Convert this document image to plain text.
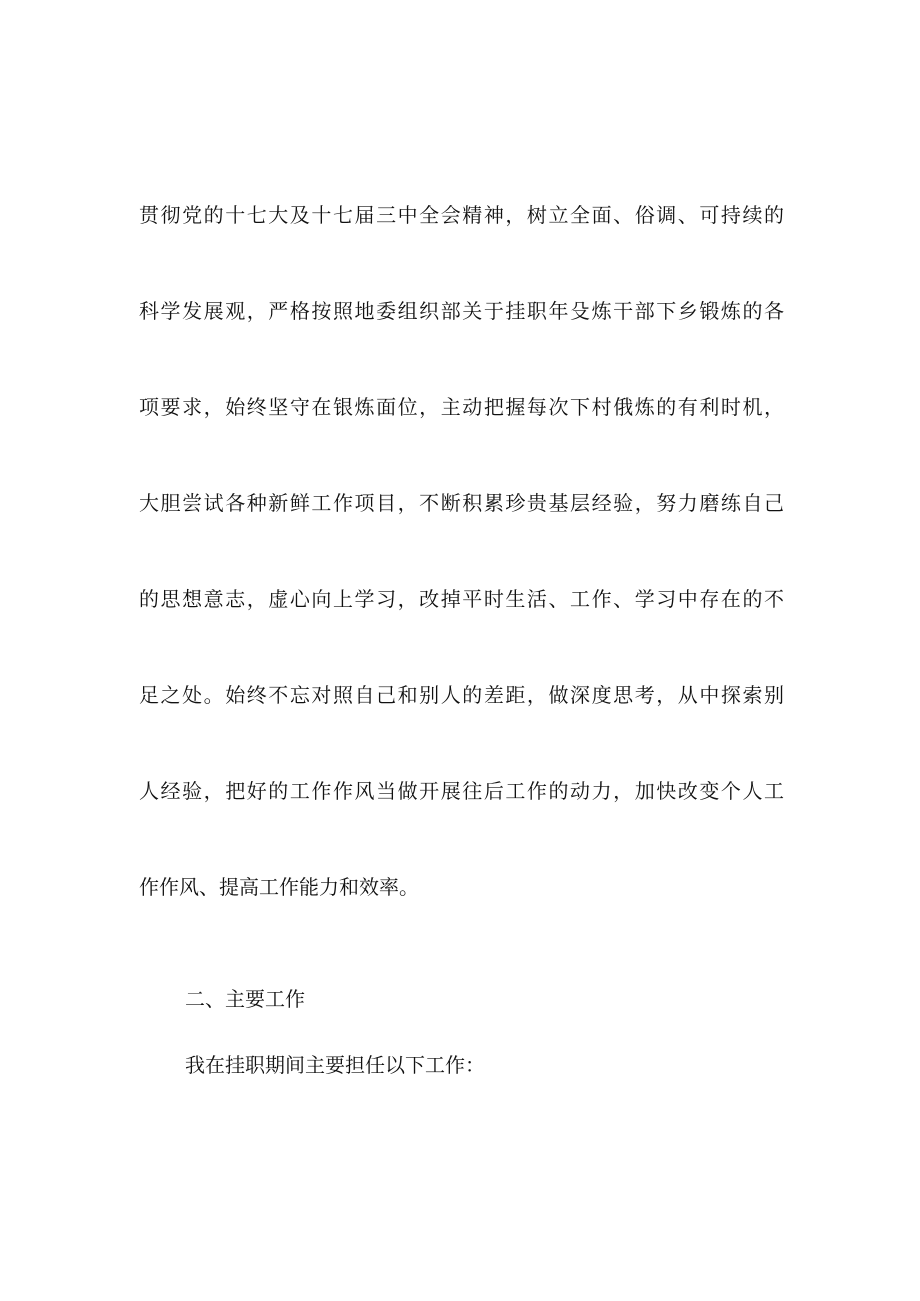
贯彻党的十七大及十七届三中全会精神，树立全面、俗调、可持续的
科学发展观，严格按照地委组织部关于挂职年殳炼干部下乡锻炼的各
项要求，始终坚守在银炼面位，主动把握每次下村俄炼的有利时机，
大胆尝试各种新鲜工作项目，不断积累珍贵基层经验，努力磨练自己
的思想意志，虚心向上学习，改掉平时生活、工作、学习中存在的不
足之处。始终不忘对照自己和别人的差距，做深度思考，从中探索别
人经验，把好的工作作风当做开展往后工作的动力，加快改变个人工
作作风、提高工作能力和效率。
二、主要工作
我在挂职期间主要担任以下工作：
